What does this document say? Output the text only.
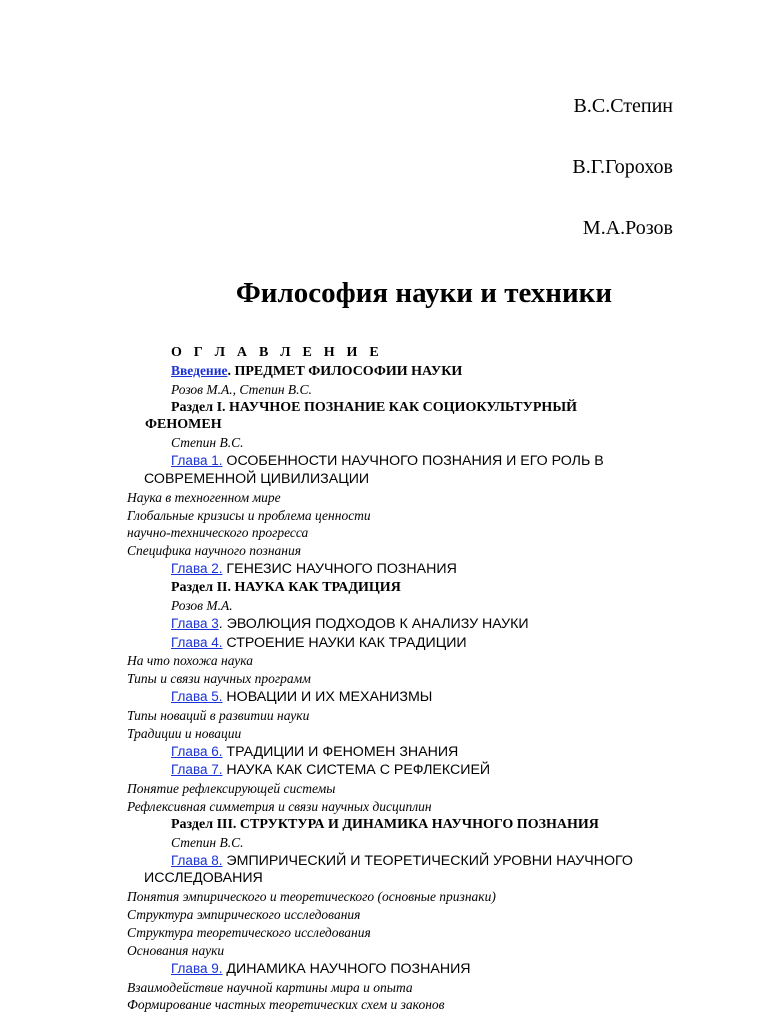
В.С.Степин
В.Г.Горохов
М.А.Розов
Философия науки и техники
О Г Л А В Л Е Н И Е
Введение. ПРЕДМЕТ ФИЛОСОФИИ НАУКИ
Розов М.А., Степин В.С.
Раздел I. НАУЧНОЕ ПОЗНАНИЕ КАК СОЦИОКУЛЬТУРНЫЙ
ФЕНОМЕН
Степин В.С.
Глава 1. ОСОБЕННОСТИ НАУЧНОГО ПОЗНАНИЯ И ЕГО РОЛЬ В
СОВРЕМЕННОЙ ЦИВИЛИЗАЦИИ
Наука в техногенном мире
Глобальные кризисы и проблема ценности
научно-технического прогресса
Специфика научного познания
Глава 2. ГЕНЕЗИС НАУЧНОГО ПОЗНАНИЯ
Раздел II. НАУКА КАК ТРАДИЦИЯ
Розов М.А.
Глава 3. ЭВОЛЮЦИЯ ПОДХОДОВ К АНАЛИЗУ НАУКИ
Глава 4. СТРОЕНИЕ НАУКИ КАК ТРАДИЦИИ
На что похожа наука
Типы и связи научных программ
Глава 5. НОВАЦИИ И ИХ МЕХАНИЗМЫ
Типы новаций в развитии науки
Традиции и новации
Глава 6. ТРАДИЦИИ И ФЕНОМЕН ЗНАНИЯ
Глава 7. НАУКА КАК СИСТЕМА С РЕФЛЕКСИЕЙ
Понятие рефлексирующей системы
Рефлексивная симметрия и связи научных дисциплин
Раздел III. СТРУКТУРА И ДИНАМИКА НАУЧНОГО ПОЗНАНИЯ
Степин В.С.
Глава 8. ЭМПИРИЧЕСКИЙ И ТЕОРЕТИЧЕСКИЙ УРОВНИ НАУЧНОГО
ИССЛЕДОВАНИЯ
Понятия эмпирического и теоретического (основные признаки)
Структура эмпирического исследования
Структура теоретического исследования
Основания науки
Глава 9. ДИНАМИКА НАУЧНОГО ПОЗНАНИЯ
Взаимодействие научной картины мира и опыта
Формирование частных теоретических схем и законов
